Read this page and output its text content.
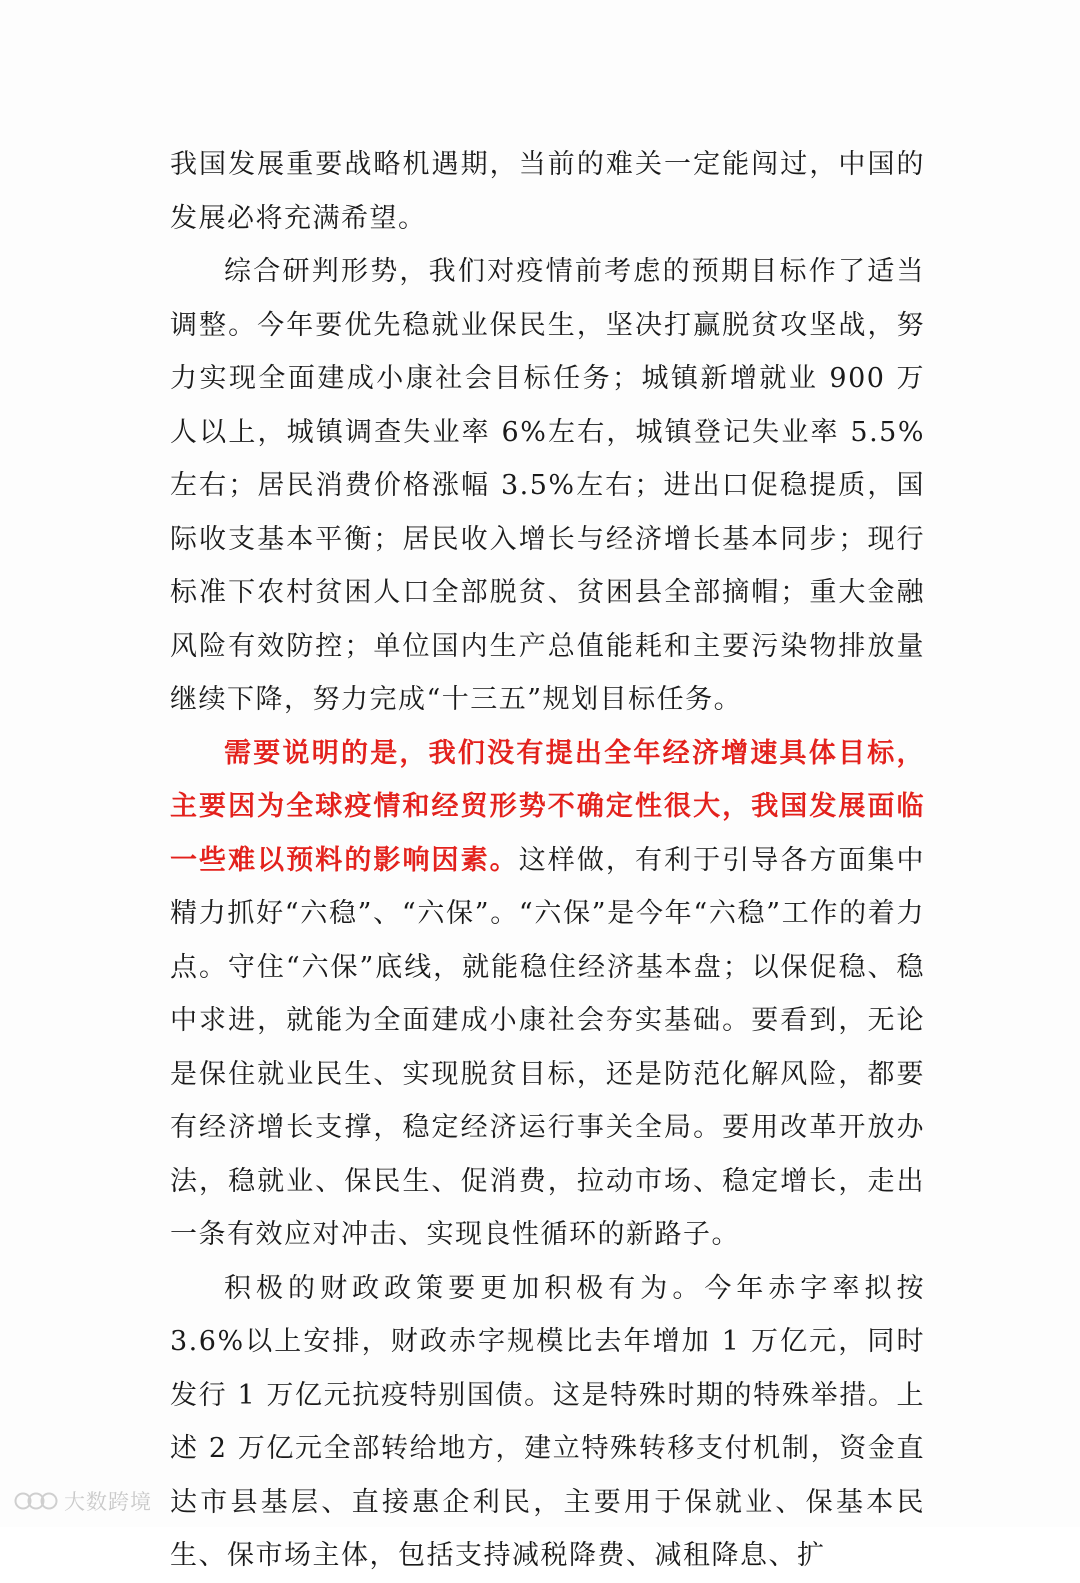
我国发展重要战略机遇期，当前的难关一定能闯过，中国的发展必将充满希望。

综合研判形势，我们对疫情前考虑的预期目标作了适当调整。今年要优先稳就业保民生，坚决打赢脱贫攻坚战，努力实现全面建成小康社会目标任务；城镇新增就业 900 万人以上，城镇调查失业率 6%左右，城镇登记失业率 5.5%左右；居民消费价格涨幅 3.5%左右；进出口促稳提质，国际收支基本平衡；居民收入增长与经济增长基本同步；现行标准下农村贫困人口全部脱贫、贫困县全部摘帽；重大金融风险有效防控；单位国内生产总值能耗和主要污染物排放量继续下降，努力完成“十三五”规划目标任务。

需要说明的是，我们没有提出全年经济增速具体目标，主要因为全球疫情和经贸形势不确定性很大，我国发展面临一些难以预料的影响因素。这样做，有利于引导各方面集中精力抓好“六稳”、“六保”。“六保”是今年“六稳”工作的着力点。守住“六保”底线，就能稳住经济基本盘；以保促稳、稳中求进，就能为全面建成小康社会夯实基础。要看到，无论是保住就业民生、实现脱贫目标，还是防范化解风险，都要有经济增长支撑，稳定经济运行事关全局。要用改革开放办法，稳就业、保民生、促消费，拉动市场、稳定增长，走出一条有效应对冲击、实现良性循环的新路子。

积极的财政政策要更加积极有为。今年赤字率拟按 3.6%以上安排，财政赤字规模比去年增加 1 万亿元，同时发行 1 万亿元抗疫特别国债。这是特殊时期的特殊举措。上述 2 万亿元全部转给地方，建立特殊转移支付机制，资金直达市县基层、直接惠企利民，主要用于保就业、保基本民生、保市场主体，包括支持减税降费、减租降息、扩

大数跨境
